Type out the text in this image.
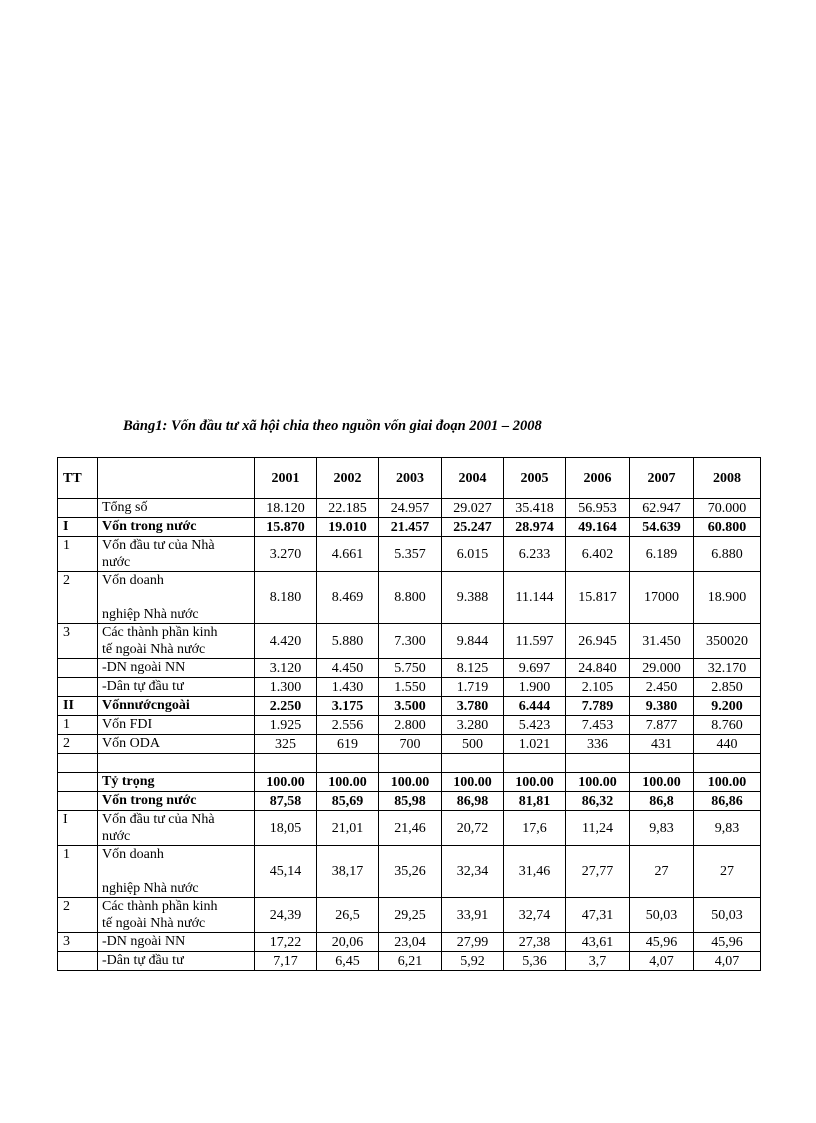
Bảng1: Vốn đầu tư xã hội chia theo nguồn vốn giai đoạn 2001 – 2008
TT		2001	2002	2003	2004	2005	2006	2007	2008

	Tổng số	18.120	22.185	24.957	29.027	35.418	56.953	62.947	70.000
I	Vốn trong nước	15.870	19.010	21.457	25.247	28.974	49.164	54.639	60.800
1	Vốn đầu tư của Nhà
nước	3.270	4.661	5.357	6.015	6.233	6.402	6.189	6.880
2	Vốn doanh
nghiệp Nhà nước	8.180	8.469	8.800	9.388	11.144	15.817	17000	18.900
3	Các thành phần kinh
tế ngoài Nhà nước	4.420	5.880	7.300	9.844	11.597	26.945	31.450	350020

	-DN ngoài NN	3.120	4.450	5.750	8.125	9.697	24.840	29.000	32.170

	-Dân tự đầu tư	1.300	1.430	1.550	1.719	1.900	2.105	2.450	2.850
II	Vốnnướcngoài	2.250	3.175	3.500	3.780	6.444	7.789	9.380	9.200
1	Vốn FDI	1.925	2.556	2.800	3.280	5.423	7.453	7.877	8.760
2	Vốn ODA	325	619	700	500	1.021	336	431	440

	Tỷ trọng	100.00	100.00	100.00	100.00	100.00	100.00	100.00	100.00

	Vốn trong nước	87,58	85,69	85,98	86,98	81,81	86,32	86,8	86,86
I	Vốn đầu tư của Nhà
nước	18,05	21,01	21,46	20,72	17,6	11,24	9,83	9,83
1	Vốn doanh
nghiệp Nhà nước	45,14	38,17	35,26	32,34	31,46	27,77	27	27
2	Các thành phần kinh
tế ngoài Nhà nước	24,39	26,5	29,25	33,91	32,74	47,31	50,03	50,03
3	-DN ngoài NN	17,22	20,06	23,04	27,99	27,38	43,61	45,96	45,96

	-Dân tự đầu tư	7,17	6,45	6,21	5,92	5,36	3,7	4,07	4,07
